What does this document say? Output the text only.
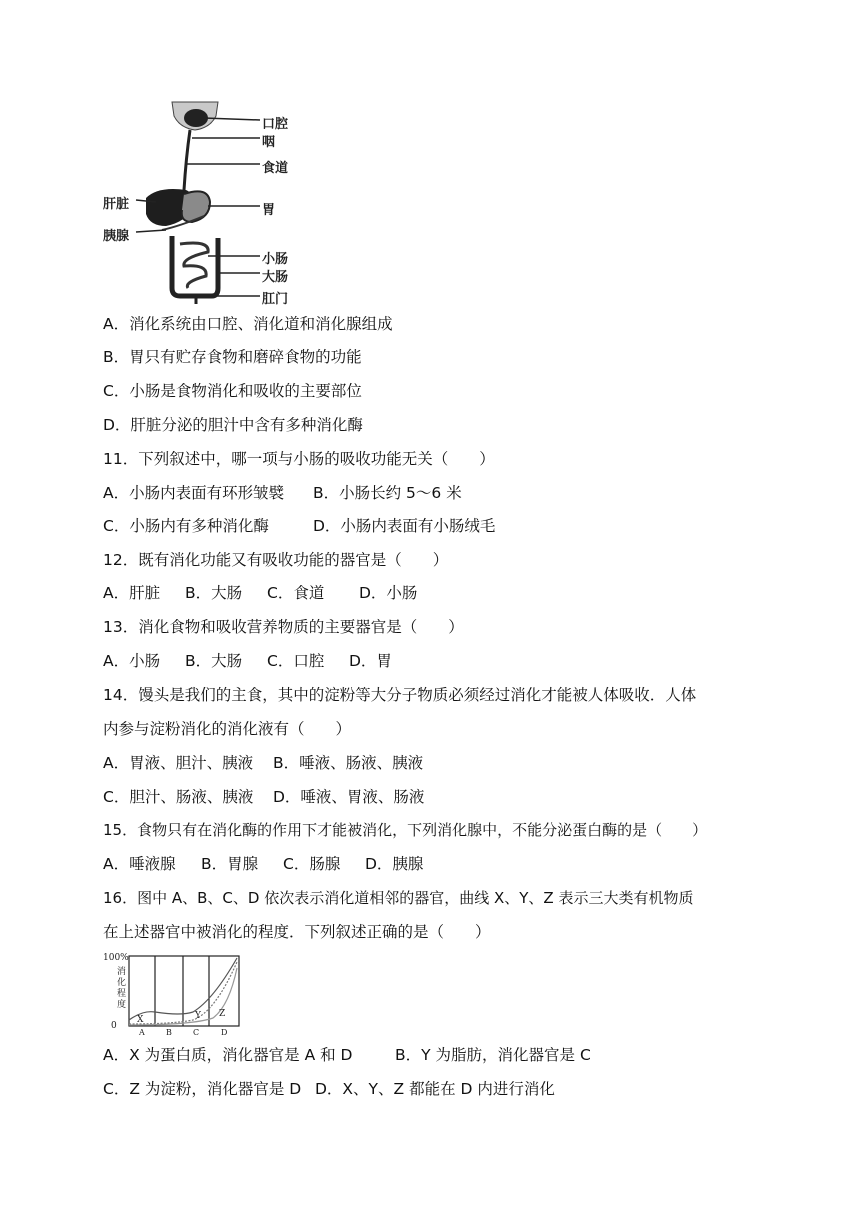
口腔
咽
食道
肝脏	胃
胰腺
小肠
大肠
肛门
A．消化系统由口腔、消化道和消化腺组成
B．胃只有贮存食物和磨碎食物的功能
C．小肠是食物消化和吸收的主要部位
D．肝脏分泌的胆汁中含有多种消化酶
11．下列叙述中，哪一项与小肠的吸收功能无关（　　）
A．小肠内表面有环形皱襞 B．小肠长约 5～6 米
C．小肠内有多种消化酶	D．小肠内表面有小肠绒毛
12．既有消化功能又有吸收功能的器官是（　　）
A．肝脏 B．大肠 C．食道 D．小肠
13．消化食物和吸收营养物质的主要器官是（　　）
A．小肠 B．大肠 C．口腔 D．胃
14．馒头是我们的主食，其中的淀粉等大分子物质必须经过消化才能被人体吸收．人体
内参与淀粉消化的消化液有（　　）
A．胃液、胆汁、胰液 B．唾液、肠液、胰液
C．胆汁、肠液、胰液 D．唾液、胃液、肠液
15．食物只有在消化酶的作用下才能被消化，下列消化腺中，不能分泌蛋白酶的是（　　）
A．唾液腺 B．胃腺 C．肠腺 D．胰腺
16．图中 A、B、C、D 依次表示消化道相邻的器官，曲线 X、Y、Z 表示三大类有机物质
在上述器官中被消化的程度．下列叙述正确的是（　　）
100%
0
消
化
程
度
X	Y Z
A	B	C	D
A．X 为蛋白质，消化器官是 A 和 D	B．Y 为脂肪，消化器官是 C
C．Z 为淀粉，消化器官是 D D．X、Y、Z 都能在 D 内进行消化
